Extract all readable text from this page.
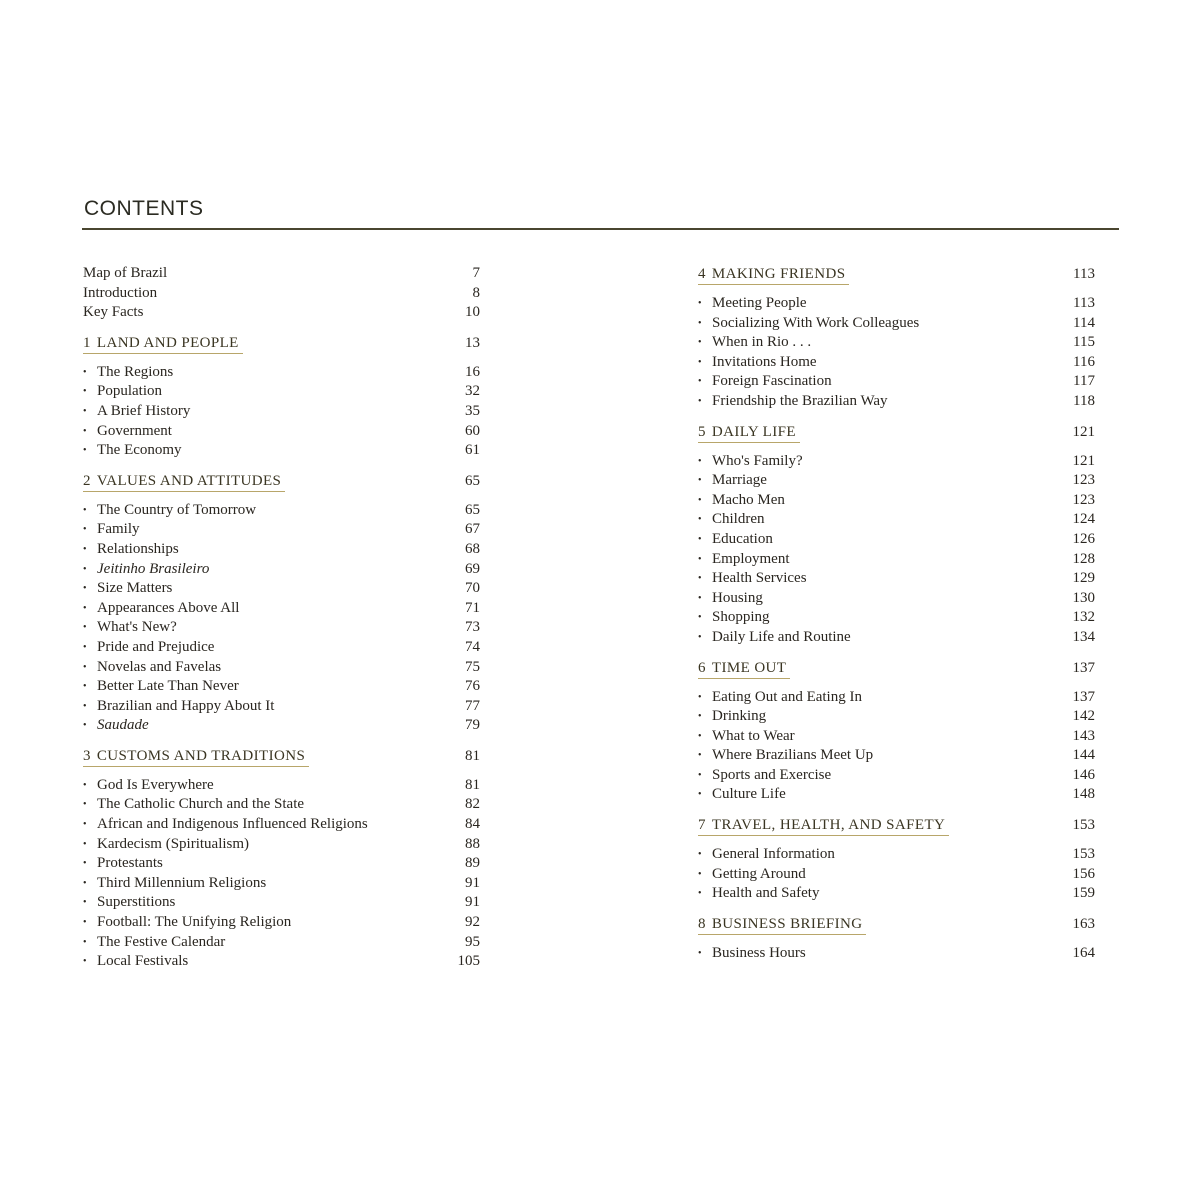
CONTENTS
Map of Brazil	7
Introduction	8
Key Facts	10
1 LAND AND PEOPLE	13
• The Regions	16
• Population	32
• A Brief History	35
• Government	60
• The Economy	61
2 VALUES AND ATTITUDES	65
• The Country of Tomorrow	65
• Family	67
• Relationships	68
• Jeitinho Brasileiro	69
• Size Matters	70
• Appearances Above All	71
• What's New?	73
• Pride and Prejudice	74
• Novelas and Favelas	75
• Better Late Than Never	76
• Brazilian and Happy About It	77
• Saudade	79
3 CUSTOMS AND TRADITIONS	81
• God Is Everywhere	81
• The Catholic Church and the State	82
• African and Indigenous Influenced Religions	84
• Kardecism (Spiritualism)	88
• Protestants	89
• Third Millennium Religions	91
• Superstitions	91
• Football: The Unifying Religion	92
• The Festive Calendar	95
• Local Festivals	105
4 MAKING FRIENDS	113
• Meeting People	113
• Socializing With Work Colleagues	114
• When in Rio . . .	115
• Invitations Home	116
• Foreign Fascination	117
• Friendship the Brazilian Way	118
5 DAILY LIFE	121
• Who's Family?	121
• Marriage	123
• Macho Men	123
• Children	124
• Education	126
• Employment	128
• Health Services	129
• Housing	130
• Shopping	132
• Daily Life and Routine	134
6 TIME OUT	137
• Eating Out and Eating In	137
• Drinking	142
• What to Wear	143
• Where Brazilians Meet Up	144
• Sports and Exercise	146
• Culture Life	148
7 TRAVEL, HEALTH, AND SAFETY	153
• General Information	153
• Getting Around	156
• Health and Safety	159
8 BUSINESS BRIEFING	163
• Business Hours	164
